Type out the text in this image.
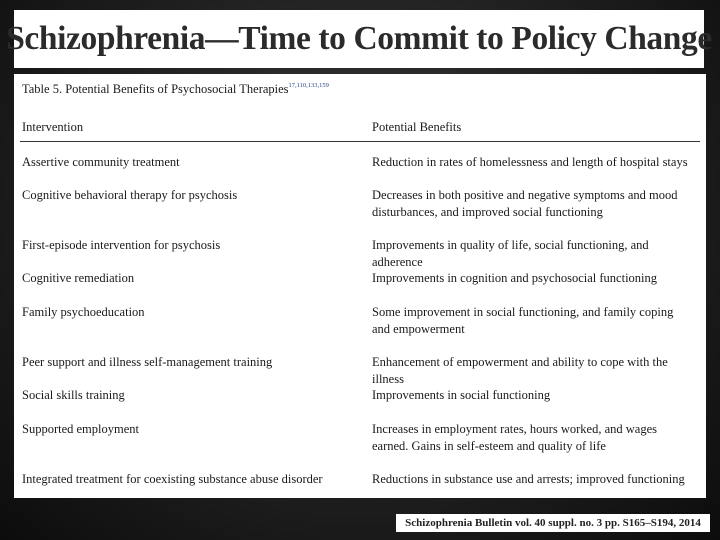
Schizophrenia—Time to Commit to Policy Change
Table 5. Potential Benefits of Psychosocial Therapies$^{17,110,133,159}$
Intervention	Potential Benefits
Assertive community treatment	Reduction in rates of homelessness and length of hospital stays
Cognitive behavioral therapy for psychosis	Decreases in both positive and negative symptoms and mood disturbances, and improved social functioning
First-episode intervention for psychosis	Improvements in quality of life, social functioning, and adherence
Cognitive remediation	Improvements in cognition and psychosocial functioning
Family psychoeducation	Some improvement in social functioning, and family coping and empowerment
Peer support and illness self-management training	Enhancement of empowerment and ability to cope with the illness
Social skills training	Improvements in social functioning
Supported employment	Increases in employment rates, hours worked, and wages earned. Gains in self-esteem and quality of life
Integrated treatment for coexisting substance abuse disorder	Reductions in substance use and arrests; improved functioning
Schizophrenia Bulletin vol. 40 suppl. no. 3 pp. S165–S194, 2014
